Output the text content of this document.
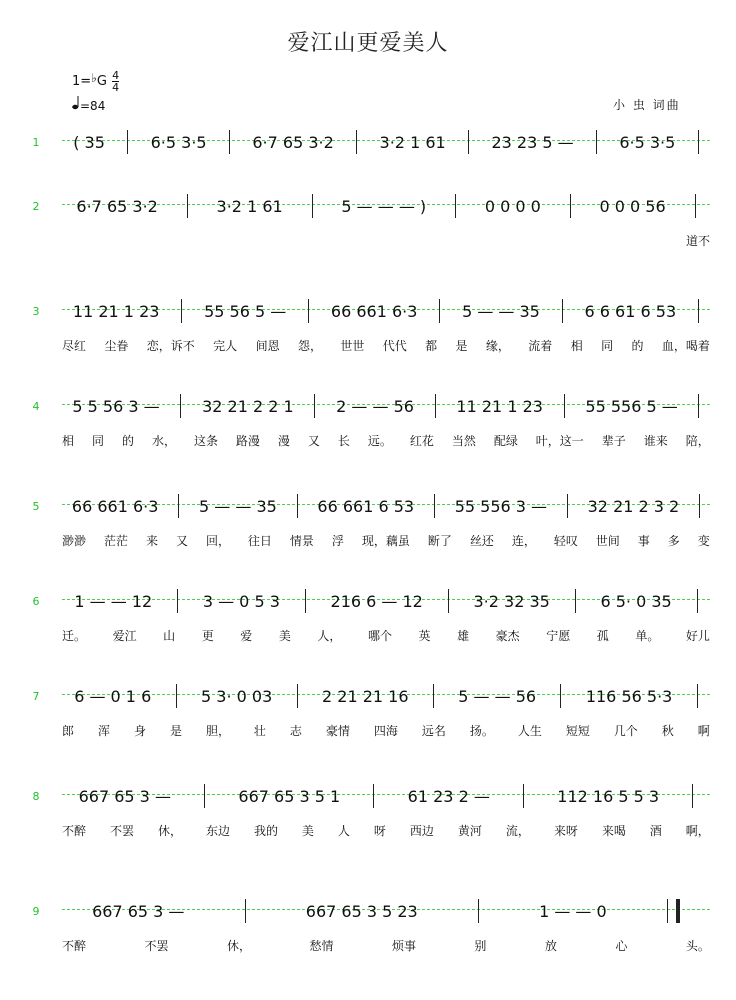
爱江山更爱美人
1=♭G $\frac{4}{4}$
=84	小 虫 词曲
1 ( 35	6·5 3·5	6·7 65 3·2	3·2 1 61	23 23 5 —	6·5 3·5
2 6·7 65 3·2	3·2 1 61	5 — — — )	0 0 0 0	0 0 0 56
道不
3 11 21 1 23	55 56 5 —	66 661 6·3	5 — — 35	6 6 61 6 53
尽红 尘眷 恋，诉不 完人 间恩 怨， 世世 代代 都 是 缘， 流着 相 同 的 血，喝着
4 5 5 56 3 —	32 21 2 2 1	2 — — 56	11 21 1 23	55 556 5 —
相 同 的 水， 这条 路漫 漫 又 长 远。 红花 当然 配绿 叶，这一 辈子 谁来 陪，
5 66 661 6·3	5 — — 35	66 661 6 53	55 556 3 —	32 21 2 3 2
渺渺 茫茫 来 又 回， 往日 情景 浮 现，藕虽 断了 丝还 连， 轻叹 世间 事 多 变
6 1 — — 12	3 — 0 5 3	216 6 — 12	3·2 32 35	6 5· 0 35
迁。 爱江 山 更 爱 美 人， 哪个 英 雄 豪杰 宁愿 孤 单。 好儿
7 6 — 0 1 6	5 3· 0 03	2 21 21 16	5 — — 56	116 56 5·3
郎 浑 身 是 胆， 壮 志 豪情 四海 远名 扬。 人生 短短 几个 秋 啊
8 667 65 3 —	667 65 3 5 1	61 23 2 —	112 16 5 5 3
不醉 不罢 休， 东边 我的 美 人 呀 西边 黄河 流， 来呀 来喝 酒 啊，
9	667 65 3 —	667 65 3 5 23	1 — — 0
不醉	不罢	休，	愁情	烦事	别	放	心	头。
